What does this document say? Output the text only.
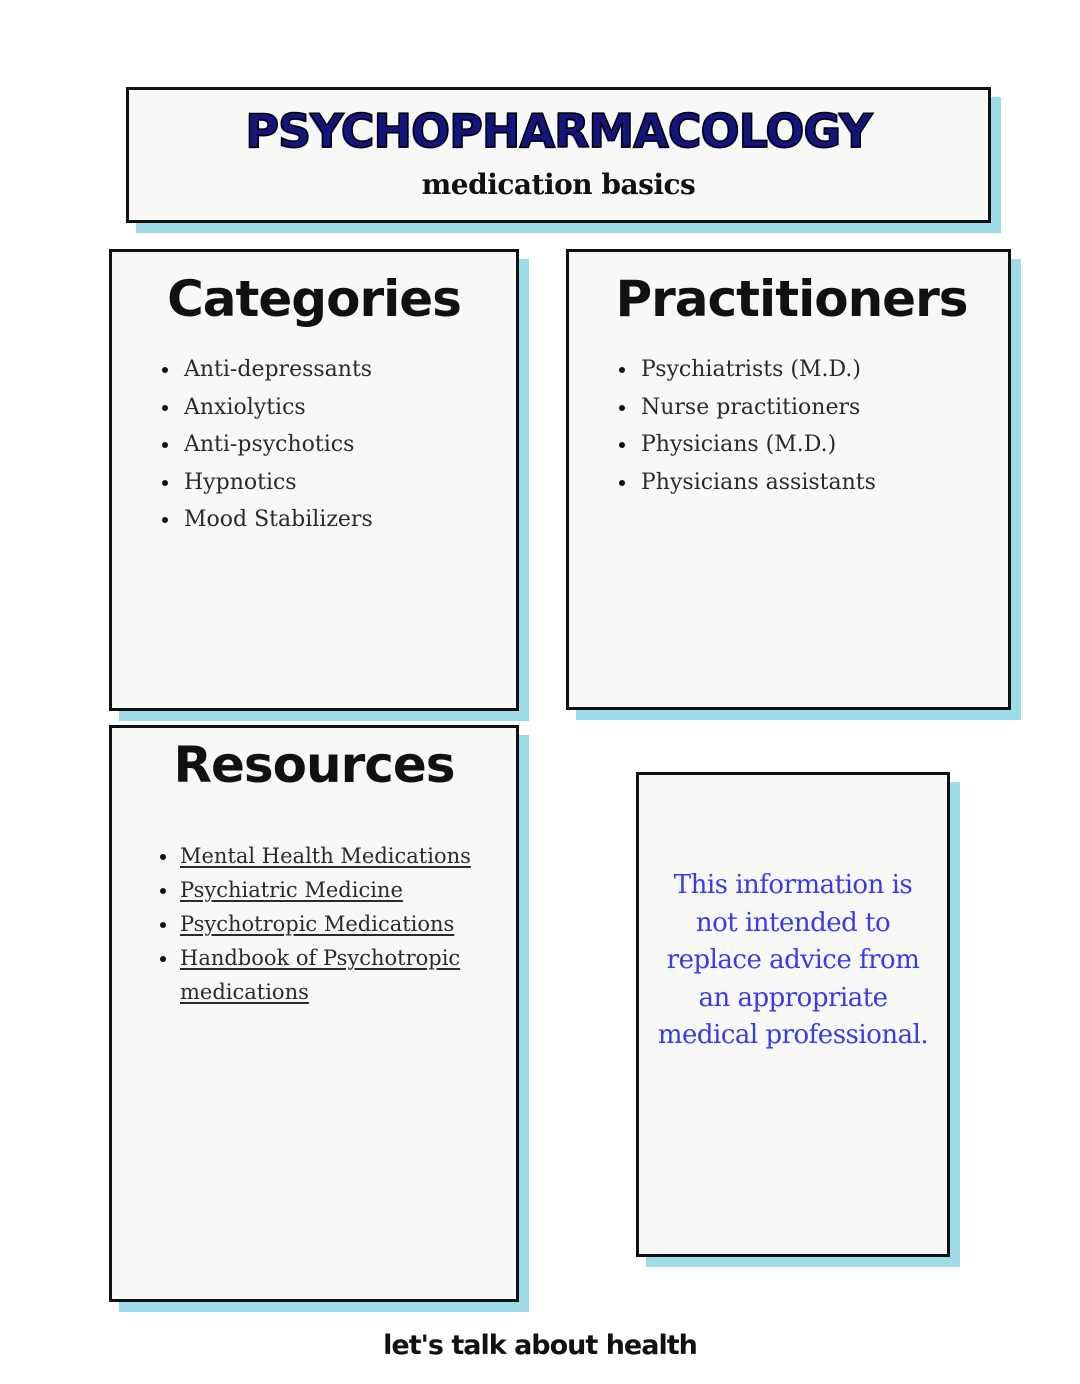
PSYCHOPHARMACOLOGY
medication basics
Categories
Anti-depressants
Anxiolytics
Anti-psychotics
Hypnotics
Mood Stabilizers
Practitioners
Psychiatrists (M.D.)
Nurse practitioners
Physicians (M.D.)
Physicians assistants
Resources
Mental Health Medications
Psychiatric Medicine
Psychotropic Medications
Handbook of Psychotropic medications
This information is not intended to replace advice from an appropriate medical professional.
let's talk about health
